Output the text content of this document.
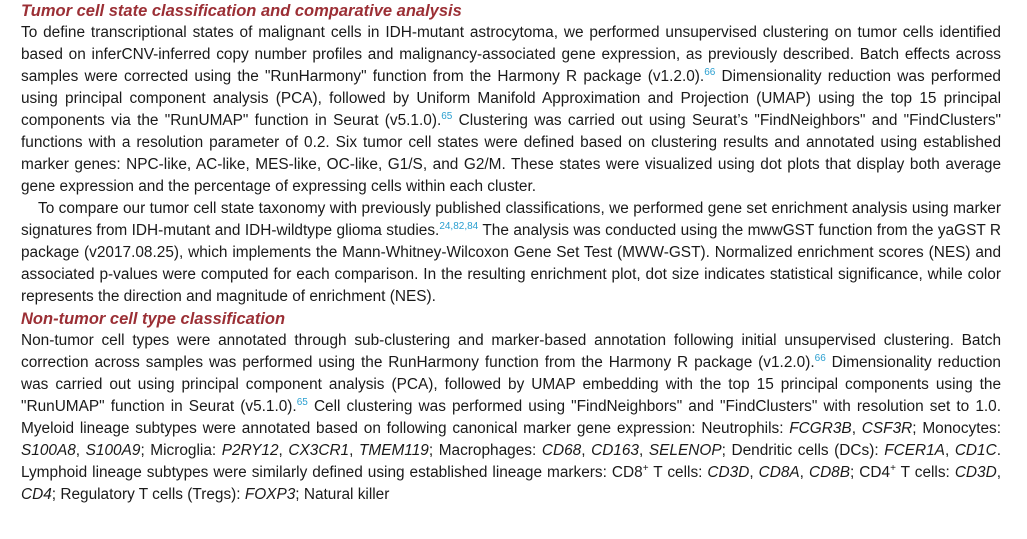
Tumor cell state classification and comparative analysis

To define transcriptional states of malignant cells in IDH-mutant astrocytoma, we performed unsupervised clustering on tumor cells identified based on inferCNV-inferred copy number profiles and malignancy-associated gene expression, as previously described. Batch effects across samples were corrected using the "RunHarmony" function from the Harmony R package (v1.2.0).$^{66}$ Dimensionality reduction was performed using principal component analysis (PCA), followed by Uniform Manifold Approximation and Projection (UMAP) using the top 15 principal components via the "RunUMAP" function in Seurat (v5.1.0).$^{65}$ Clustering was carried out using Seurat’s "FindNeighbors" and "FindClusters" functions with a resolution parameter of 0.2. Six tumor cell states were defined based on clustering results and annotated using established marker genes: NPC-like, AC-like, MES-like, OC-like, G1/S, and G2/M. These states were visualized using dot plots that display both average gene expression and the percentage of expressing cells within each cluster.

To compare our tumor cell state taxonomy with previously published classifications, we performed gene set enrichment analysis using marker signatures from IDH-mutant and IDH-wildtype glioma studies.$^{24,82,84}$ The analysis was conducted using the mwwGST function from the yaGST R package (v2017.08.25), which implements the Mann-Whitney-Wilcoxon Gene Set Test (MWW-GST). Normalized enrichment scores (NES) and associated p-values were computed for each comparison. In the resulting enrichment plot, dot size indicates statistical significance, while color represents the direction and magnitude of enrichment (NES).

Non-tumor cell type classification

Non-tumor cell types were annotated through sub-clustering and marker-based annotation following initial unsupervised clustering. Batch correction across samples was performed using the RunHarmony function from the Harmony R package (v1.2.0).$^{66}$ Dimensionality reduction was carried out using principal component analysis (PCA), followed by UMAP embedding with the top 15 principal components using the "RunUMAP" function in Seurat (v5.1.0).$^{65}$ Cell clustering was performed using "FindNeighbors" and "FindClusters" with resolution set to 1.0. Myeloid lineage subtypes were annotated based on following canonical marker gene expression: Neutrophils: FCGR3B, CSF3R; Monocytes: S100A8, S100A9; Microglia: P2RY12, CX3CR1, TMEM119; Macrophages: CD68, CD163, SELENOP; Dendritic cells (DCs): FCER1A, CD1C. Lymphoid lineage subtypes were similarly defined using established lineage markers: CD8+ T cells: CD3D, CD8A, CD8B; CD4+ T cells: CD3D, CD4; Regulatory T cells (Tregs): FOXP3; Natural killer
